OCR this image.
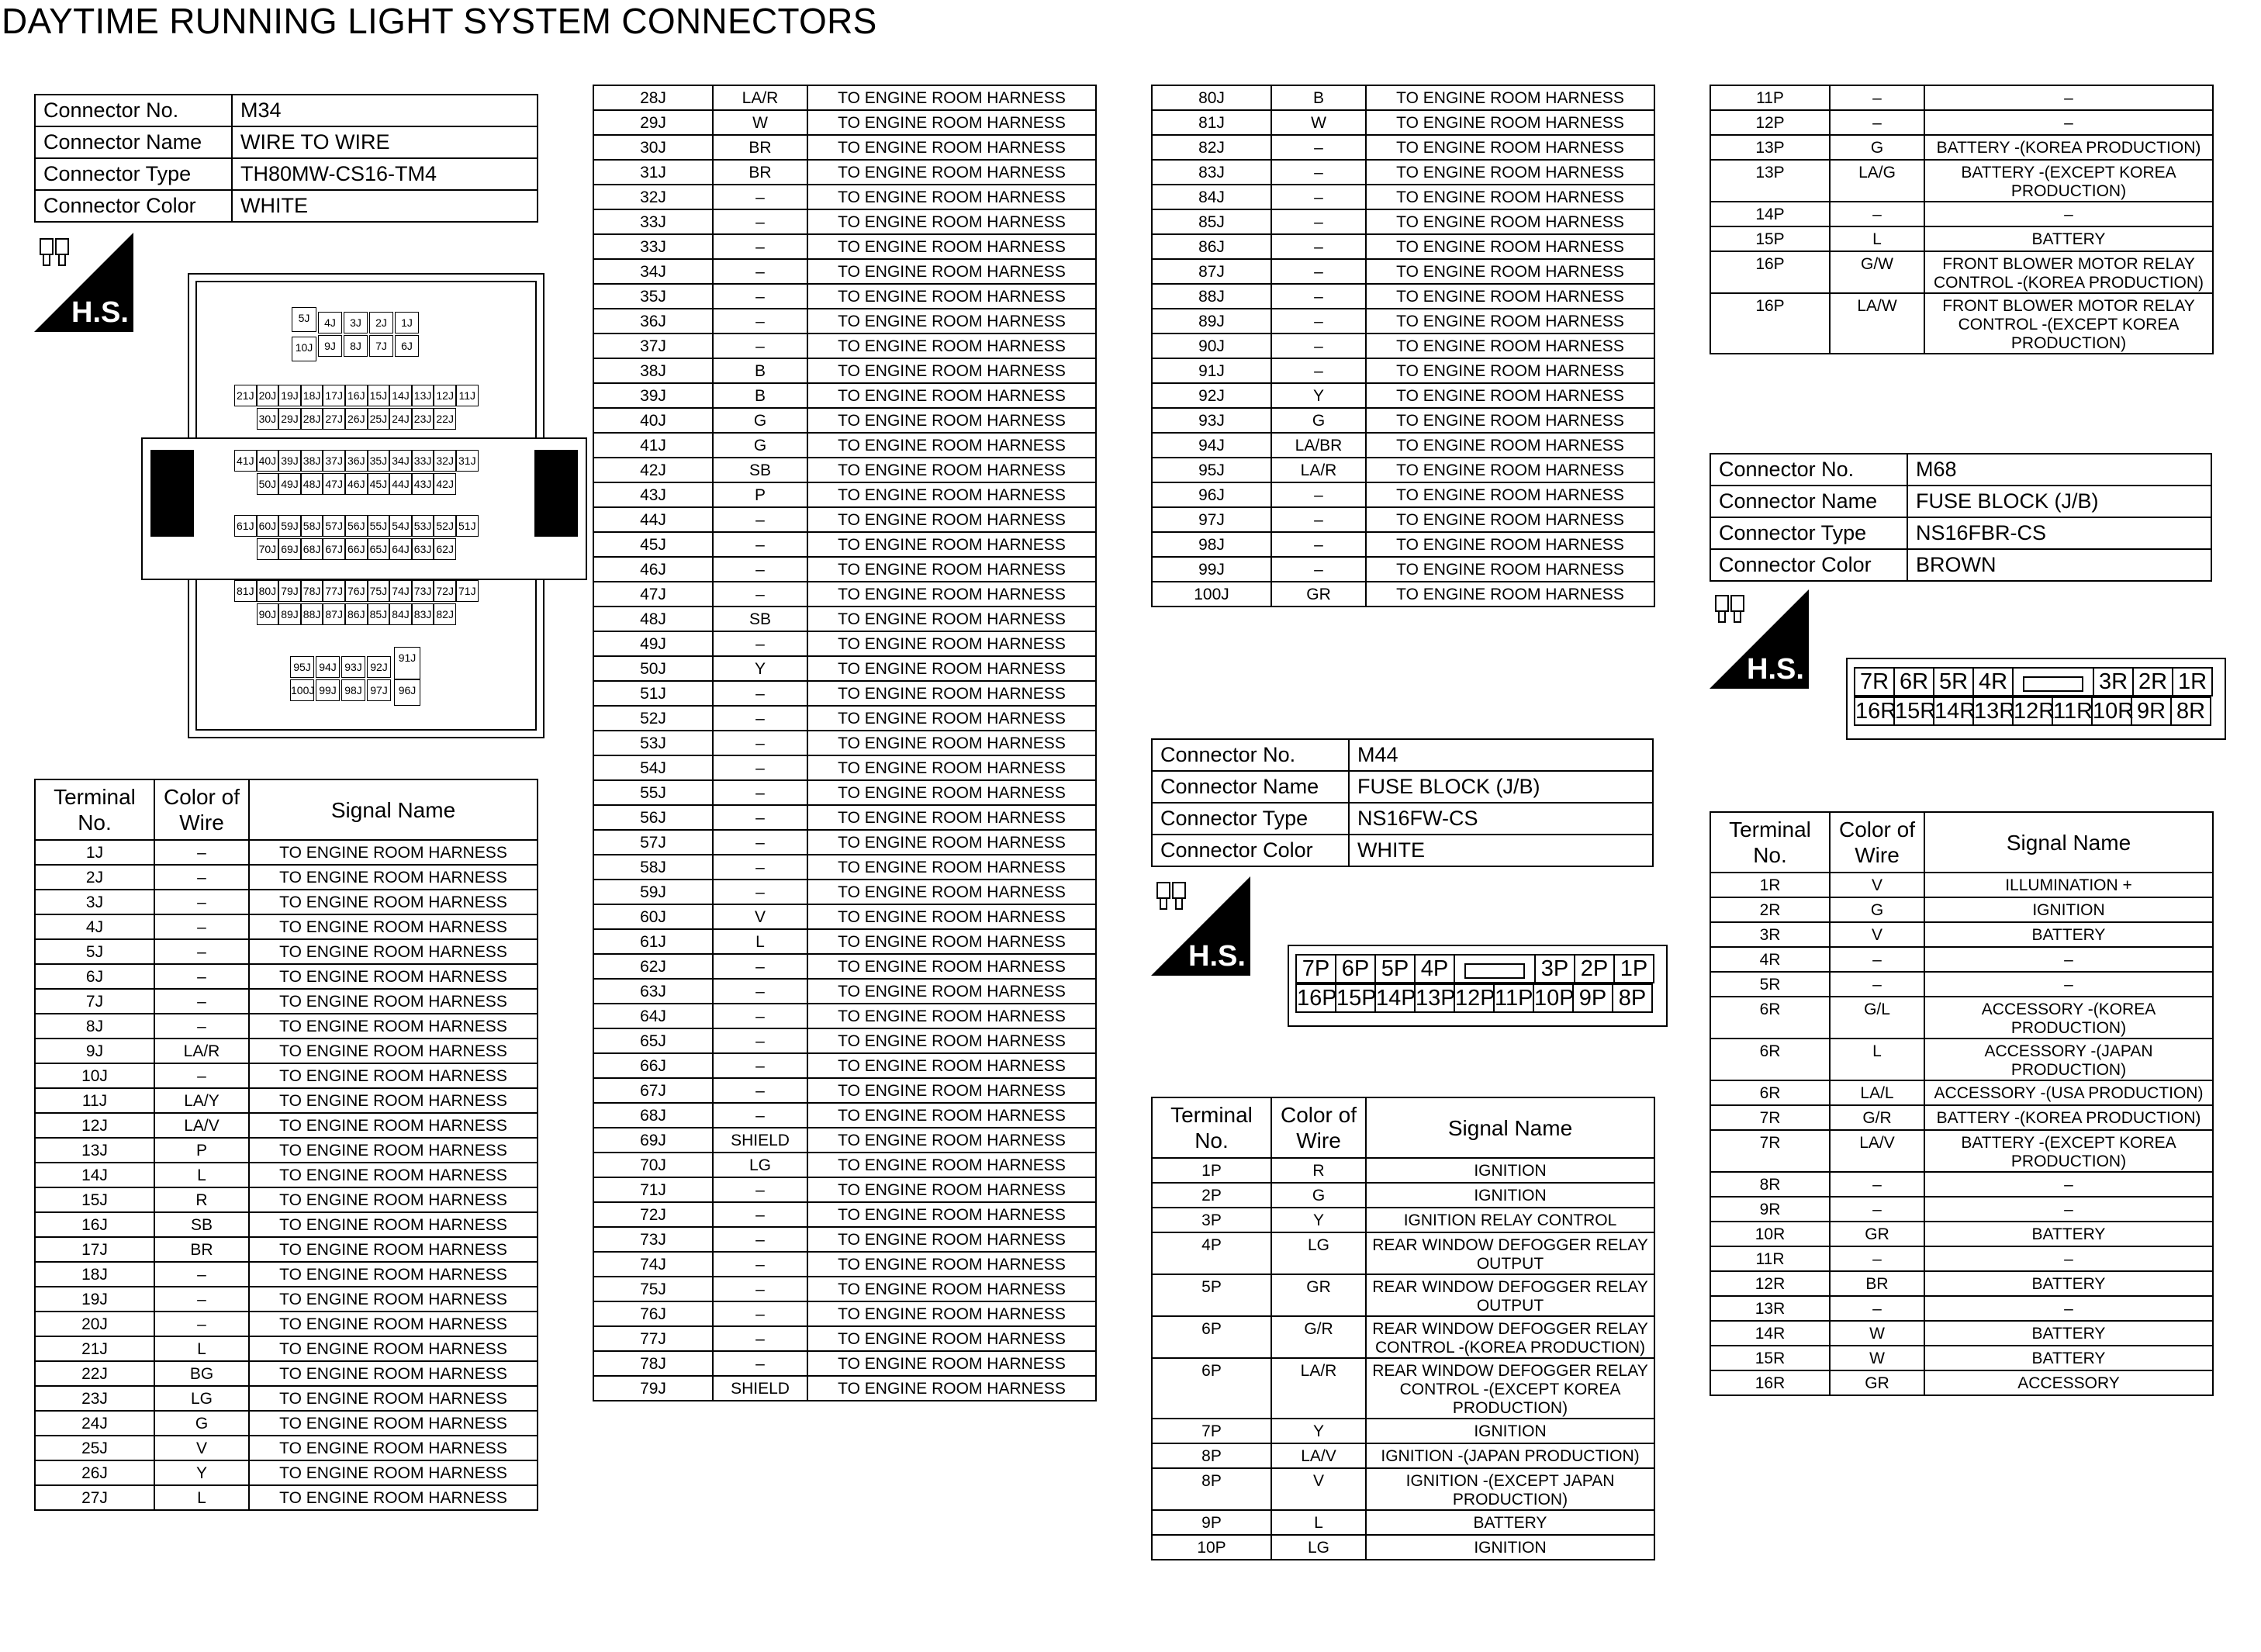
DAYTIME RUNNING LIGHT SYSTEM CONNECTORS
Connector No.	M34
Connector Name	WIRE TO WIRE
Connector Type	TH80MW-CS16-TM4
Connector Color	WHITE
H.S.	5J	4J	3J	2J	1J
10J	9J	8J	7J	6J
21J 20J 19J 18J 17J 16J 15J 14J 13J 12J 11J
30J 29J 28J 27J 26J 25J 24J 23J 22J
41J 40J 39J 38J 37J 36J 35J 34J 33J 32J 31J
50J 49J 48J 47J 46J 45J 44J 43J 42J
61J 60J 59J 58J 57J 56J 55J 54J 53J 52J 51J
70J 69J 68J 67J 66J 65J 64J 63J 62J
81J 80J 79J 78J 77J 76J 75J 74J 73J 72J 71J
90J 89J 88J 87J 86J 85J 84J 83J 82J
95J 94J 93J 92J
91J
100J 99J 98J 97J 96J
Terminal No.	Color of Wire	Signal Name
1J	–	TO ENGINE ROOM HARNESS
2J	–	TO ENGINE ROOM HARNESS
3J	–	TO ENGINE ROOM HARNESS
4J	–	TO ENGINE ROOM HARNESS
5J	–	TO ENGINE ROOM HARNESS
6J	–	TO ENGINE ROOM HARNESS
7J	–	TO ENGINE ROOM HARNESS
8J	–	TO ENGINE ROOM HARNESS
9J	LA/R	TO ENGINE ROOM HARNESS
10J	–	TO ENGINE ROOM HARNESS
11J	LA/Y	TO ENGINE ROOM HARNESS
12J	LA/V	TO ENGINE ROOM HARNESS
13J	P	TO ENGINE ROOM HARNESS
14J	L	TO ENGINE ROOM HARNESS
15J	R	TO ENGINE ROOM HARNESS
16J	SB	TO ENGINE ROOM HARNESS
17J	BR	TO ENGINE ROOM HARNESS
18J	–	TO ENGINE ROOM HARNESS
19J	–	TO ENGINE ROOM HARNESS
20J	–	TO ENGINE ROOM HARNESS
21J	L	TO ENGINE ROOM HARNESS
22J	BG	TO ENGINE ROOM HARNESS
23J	LG	TO ENGINE ROOM HARNESS
24J	G	TO ENGINE ROOM HARNESS
25J	V	TO ENGINE ROOM HARNESS
26J	Y	TO ENGINE ROOM HARNESS
27J	L	TO ENGINE ROOM HARNESS
28J	LA/R	TO ENGINE ROOM HARNESS
29J	W	TO ENGINE ROOM HARNESS
30J	BR	TO ENGINE ROOM HARNESS
31J	BR	TO ENGINE ROOM HARNESS
32J	–	TO ENGINE ROOM HARNESS
33J	–	TO ENGINE ROOM HARNESS
33J	–	TO ENGINE ROOM HARNESS
34J	–	TO ENGINE ROOM HARNESS
35J	–	TO ENGINE ROOM HARNESS
36J	–	TO ENGINE ROOM HARNESS
37J	–	TO ENGINE ROOM HARNESS
38J	B	TO ENGINE ROOM HARNESS
39J	B	TO ENGINE ROOM HARNESS
40J	G	TO ENGINE ROOM HARNESS
41J	G	TO ENGINE ROOM HARNESS
42J	SB	TO ENGINE ROOM HARNESS
43J	P	TO ENGINE ROOM HARNESS
44J	–	TO ENGINE ROOM HARNESS
45J	–	TO ENGINE ROOM HARNESS
46J	–	TO ENGINE ROOM HARNESS
47J	–	TO ENGINE ROOM HARNESS
48J	SB	TO ENGINE ROOM HARNESS
49J	–	TO ENGINE ROOM HARNESS
50J	Y	TO ENGINE ROOM HARNESS
51J	–	TO ENGINE ROOM HARNESS
52J	–	TO ENGINE ROOM HARNESS
53J	–	TO ENGINE ROOM HARNESS
54J	–	TO ENGINE ROOM HARNESS
55J	–	TO ENGINE ROOM HARNESS
56J	–	TO ENGINE ROOM HARNESS
57J	–	TO ENGINE ROOM HARNESS
58J	–	TO ENGINE ROOM HARNESS
59J	–	TO ENGINE ROOM HARNESS
60J	V	TO ENGINE ROOM HARNESS
61J	L	TO ENGINE ROOM HARNESS
62J	–	TO ENGINE ROOM HARNESS
63J	–	TO ENGINE ROOM HARNESS
64J	–	TO ENGINE ROOM HARNESS
65J	–	TO ENGINE ROOM HARNESS
66J	–	TO ENGINE ROOM HARNESS
67J	–	TO ENGINE ROOM HARNESS
68J	–	TO ENGINE ROOM HARNESS
69J	SHIELD	TO ENGINE ROOM HARNESS
70J	LG	TO ENGINE ROOM HARNESS
71J	–	TO ENGINE ROOM HARNESS
72J	–	TO ENGINE ROOM HARNESS
73J	–	TO ENGINE ROOM HARNESS
74J	–	TO ENGINE ROOM HARNESS
75J	–	TO ENGINE ROOM HARNESS
76J	–	TO ENGINE ROOM HARNESS
77J	–	TO ENGINE ROOM HARNESS
78J	–	TO ENGINE ROOM HARNESS
79J	SHIELD	TO ENGINE ROOM HARNESS
80J	B	TO ENGINE ROOM HARNESS
81J	W	TO ENGINE ROOM HARNESS
82J	–	TO ENGINE ROOM HARNESS
83J	–	TO ENGINE ROOM HARNESS
84J	–	TO ENGINE ROOM HARNESS
85J	–	TO ENGINE ROOM HARNESS
86J	–	TO ENGINE ROOM HARNESS
87J	–	TO ENGINE ROOM HARNESS
88J	–	TO ENGINE ROOM HARNESS
89J	–	TO ENGINE ROOM HARNESS
90J	–	TO ENGINE ROOM HARNESS
91J	–	TO ENGINE ROOM HARNESS
92J	Y	TO ENGINE ROOM HARNESS
93J	G	TO ENGINE ROOM HARNESS
94J	LA/BR	TO ENGINE ROOM HARNESS
95J	LA/R	TO ENGINE ROOM HARNESS
96J	–	TO ENGINE ROOM HARNESS
97J	–	TO ENGINE ROOM HARNESS
98J	–	TO ENGINE ROOM HARNESS
99J	–	TO ENGINE ROOM HARNESS
100J	GR	TO ENGINE ROOM HARNESS
Connector No.	M44
Connector Name	FUSE BLOCK (J/B)
Connector Type	NS16FW-CS
Connector Color	WHITE
H.S.	7P 6P 5P 4P	3P 2P 1P
16P 15P 14P 13P 12P 11P 10P 9P 8P
Terminal No.	Color of Wire	Signal Name
1P	R	IGNITION
2P	G	IGNITION
3P	Y	IGNITION RELAY CONTROL
4P	LG	REAR WINDOW DEFOGGER RELAY OUTPUT
5P	GR	REAR WINDOW DEFOGGER RELAY OUTPUT
6P	G/R	REAR WINDOW DEFOGGER RELAY CONTROL -(KOREA PRODUCTION)
6P	LA/R	REAR WINDOW DEFOGGER RELAY CONTROL -(EXCEPT KOREA PRODUCTION)
7P	Y	IGNITION
8P	LA/V	IGNITION -(JAPAN PRODUCTION)
8P	V	IGNITION -(EXCEPT JAPAN PRODUCTION)
9P	L	BATTERY
10P	LG	IGNITION
11P	–	–
12P	–	–
13P	G	BATTERY -(KOREA PRODUCTION)
13P	LA/G	BATTERY -(EXCEPT KOREA PRODUCTION)
14P	–	–
15P	L	BATTERY
16P	G/W	FRONT BLOWER MOTOR RELAY CONTROL -(KOREA PRODUCTION)
16P	LA/W	FRONT BLOWER MOTOR RELAY CONTROL -(EXCEPT KOREA PRODUCTION)
Connector No.	M68
Connector Name	FUSE BLOCK (J/B)
Connector Type	NS16FBR-CS
Connector Color	BROWN
H.S. 7R 6R 5R 4R	3R 2R 1R
16R
15R
14R
13R
12R
11R 10R 9R 8R
Terminal No.	Color of Wire	Signal Name
1R	V	ILLUMINATION +
2R	G	IGNITION
3R	V	BATTERY
4R	–	–
5R	–	–
6R	G/L	ACCESSORY -(KOREA PRODUCTION)
6R	L	ACCESSORY -(JAPAN PRODUCTION)
6R	LA/L	ACCESSORY -(USA PRODUCTION)
7R	G/R	BATTERY -(KOREA PRODUCTION)
7R	LA/V	BATTERY -(EXCEPT KOREA PRODUCTION)
8R	–	–
9R	–	–
10R	GR	BATTERY
11R	–	–
12R	BR	BATTERY
13R	–	–
14R	W	BATTERY
15R	W	BATTERY
16R	GR	ACCESSORY
